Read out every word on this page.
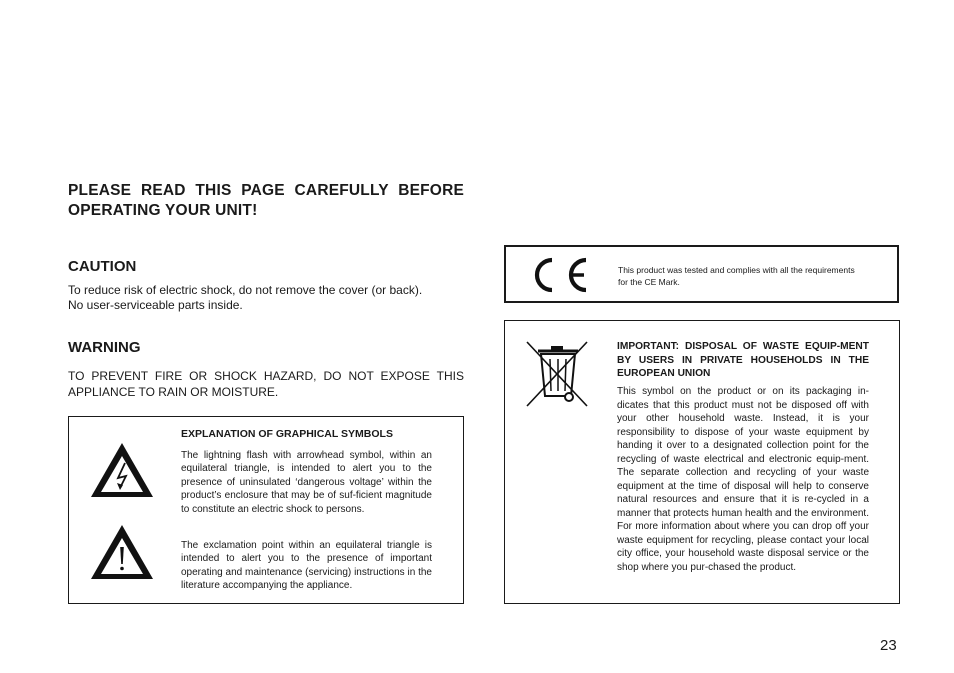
PLEASE READ THIS PAGE CAREFULLY BEFORE OPERATING YOUR UNIT!
CAUTION

To reduce risk of electric shock, do not remove the cover (or back).

No user-serviceable parts inside.

WARNING

TO PREVENT FIRE OR SHOCK HAZARD, DO NOT EXPOSE THIS APPLIANCE TO RAIN OR MOISTURE.

EXPLANATION OF GRAPHICAL SYMBOLS

The lightning flash with arrowhead symbol, within an equilateral triangle, is intended to alert you to the presence of uninsulated ‘dangerous voltage’ within the product’s enclosure that may be of suf-ficient magnitude to constitute an electric shock to persons.

The exclamation point within an equilateral triangle is intended to alert you to the presence of important operating and maintenance (servicing) instructions in the literature accompanying the appliance.

This product was tested and complies with all the requirements for the CE Mark.

IMPORTANT: DISPOSAL OF WASTE EQUIP-MENT BY USERS IN PRIVATE HOUSEHOLDS IN THE EUROPEAN UNION

This symbol on the product or on its packaging in-dicates that this product must not be disposed off with your other household waste. Instead, it is your responsibility to dispose of your waste equipment by handing it over to a designated collection point for the recycling of waste electrical and electronic equip-ment. The separate collection and recycling of your waste equipment at the time of disposal will help to conserve natural resources and ensure that it is re-cycled in a manner that protects human health and the environment. For more information about where you can drop off your waste equipment for recycling, please contact your local city office, your household waste disposal service or the shop where you pur-chased the product.

23
